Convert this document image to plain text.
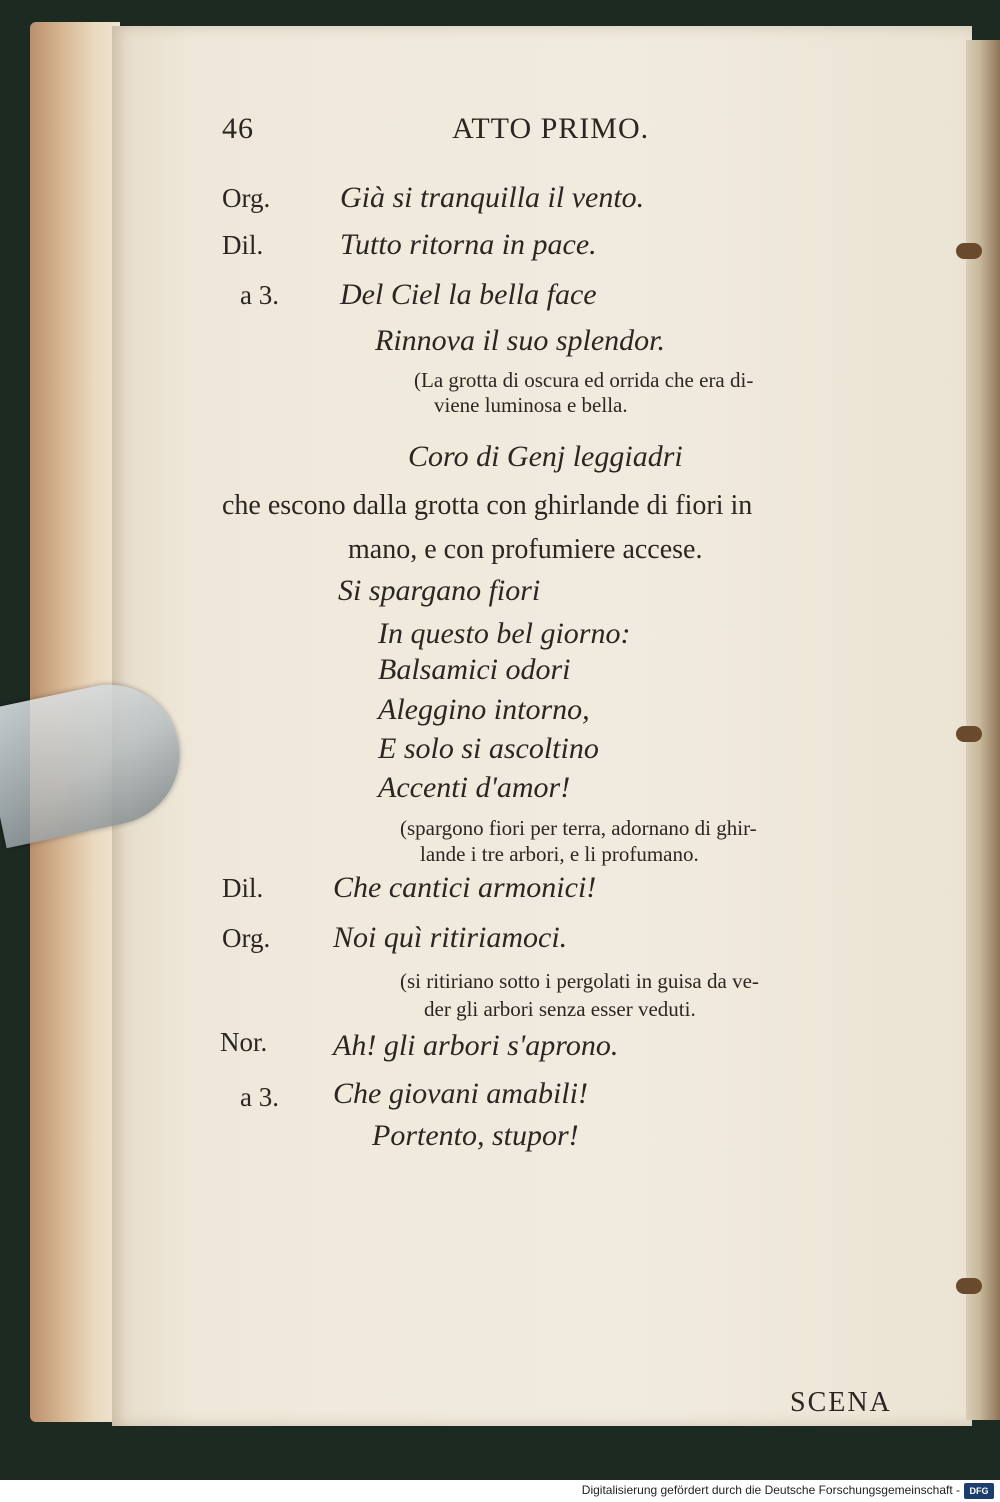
46	ATTO PRIMO.
Org. Già si tranquilla il vento.
Dil.	Tutto ritorna in pace.
a 3. Del Ciel la bella face
Rinnova il suo splendor.
(La grotta di oscura ed orrida che era di-
viene luminosa e bella.
Coro di Genj leggiadri
che escono dalla grotta con ghirlande di fiori in
mano, e con profumiere accese.
Si spargano fiori
In questo bel giorno:
Balsamici odori
Aleggino intorno,
E solo si ascoltino
Accenti d'amor!
(spargono fiori per terra, adornano di ghir-
lande i tre arbori, e li profumano.
Dil. Che cantici armonici!
Org. Noi quì ritiriamoci.
(si ritiriano sotto i pergolati in guisa da ve-
der gli arbori senza esser veduti.
Nor. Ah! gli arbori s'aprono.
a 3. Che giovani amabili!
Portento, stupor!
SCENA
Digitalisierung gefördert durch die Deutsche Forschungsgemeinschaft -	DFG
